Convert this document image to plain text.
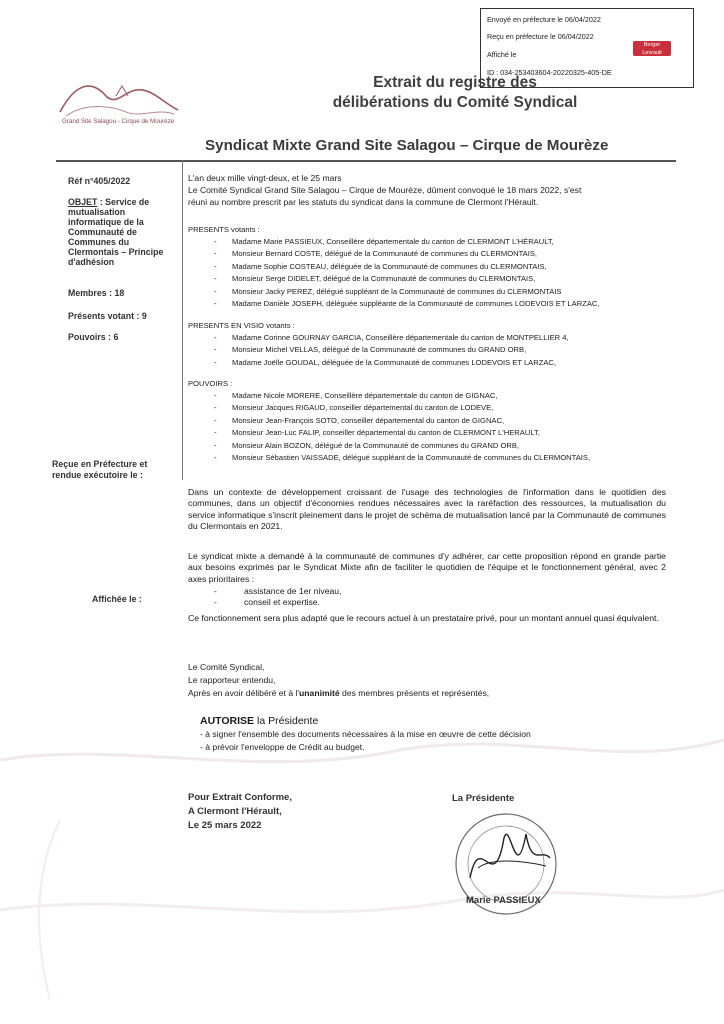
Envoyé en préfecture le 06/04/2022
Reçu en préfecture le 06/04/2022
Affiché le
ID : 034-253403604-20220325-405-DE
Berger
Levrault
Grand Site Salagou - Cirque de Mourèze
Extrait du registre des
délibérations du Comité Syndical
Syndicat Mixte Grand Site Salagou – Cirque de Mourèze
Réf n°405/2022
OBJET : Service de
mutualisation
informatique de la
Communauté de
Communes du
Clermontais – Principe
d'adhésion
Membres : 18
Présents votant : 9
Pouvoirs : 6
Reçue en Préfecture et
rendue exécutoire le :
Affichée le :
L'an deux mille vingt-deux, et le 25 mars
Le Comité Syndical Grand Site Salagou – Cirque de Mourèze, dûment convoqué le 18 mars 2022, s'est
réuni au nombre prescrit par les statuts du syndicat dans la commune de Clermont l'Hérault.
PRESENTS votants :
- Madame Marie PASSIEUX, Conseillère départementale du canton de CLERMONT L'HÉRAULT,
- Monsieur Bernard COSTE, délégué de la Communauté de communes du CLERMONTAIS,
- Madame Sophie COSTEAU, déléguée de la Communauté de communes du CLERMONTAIS,
- Monsieur Serge DIDELET, délégué de la Communauté de communes du CLERMONTAIS,
- Monsieur Jacky PEREZ, délégué suppléant de la Communauté de communes du CLERMONTAIS
- Madame Danièle JOSEPH, déléguée suppléante de la Communauté de communes LODEVOIS ET LARZAC,
PRESENTS EN VISIO votants :
- Madame Corinne GOURNAY GARCIA, Conseillère départementale du canton de MONTPELLIER 4,
- Monsieur Michel VELLAS, délégué de la Communauté de communes du GRAND ORB,
- Madame Joëlle GOUDAL, déléguée de la Communauté de communes LODEVOIS ET LARZAC,
POUVOIRS :
- Madame Nicole MORERE, Conseillère départementale du canton de GIGNAC,
- Monsieur Jacques RIGAUD, conseiller départemental du canton de LODEVE,
- Monsieur Jean-François SOTO, conseiller départemental du canton de GIGNAC,
- Monsieur Jean-Luc FALIP, conseiller départemental du canton de CLERMONT L'HERAULT,
- Monsieur Alain BOZON, délégué de la Communauté de communes du GRAND ORB,
- Monsieur Sébastien VAISSADE, délégué suppléant de la Communauté de communes du CLERMONTAIS,
Dans un contexte de développement croissant de l'usage des technologies de l'information dans le quotidien des communes, dans un objectif d'économies rendues nécessaires avec la raréfaction des ressources, la mutualisation du service informatique s'inscrit pleinement dans le projet de schéma de mutualisation lancé par la Communauté de communes du Clermontais en 2021.
Le syndicat mixte a demandé à la communauté de communes d'y adhérer, car cette proposition répond en grande partie aux besoins exprimés par le Syndicat Mixte afin de faciliter le quotidien de l'équipe et le fonctionnement général, avec 2 axes prioritaires :
-	assistance de 1er niveau,
-	conseil et expertise.
Ce fonctionnement sera plus adapté que le recours actuel à un prestataire privé, pour un montant annuel quasi équivalent.
Le Comité Syndical,
Le rapporteur entendu,
Après en avoir délibéré et à l'unanimité des membres présents et représentés,
AUTORISE la Présidente
- à signer l'ensemble des documents nécessaires à la mise en œuvre de cette décision
- à prévoir l'enveloppe de Crédit au budget.
Pour Extrait Conforme,
A Clermont l'Hérault,
Le 25 mars 2022
La Présidente
Marie PASSIEUX
